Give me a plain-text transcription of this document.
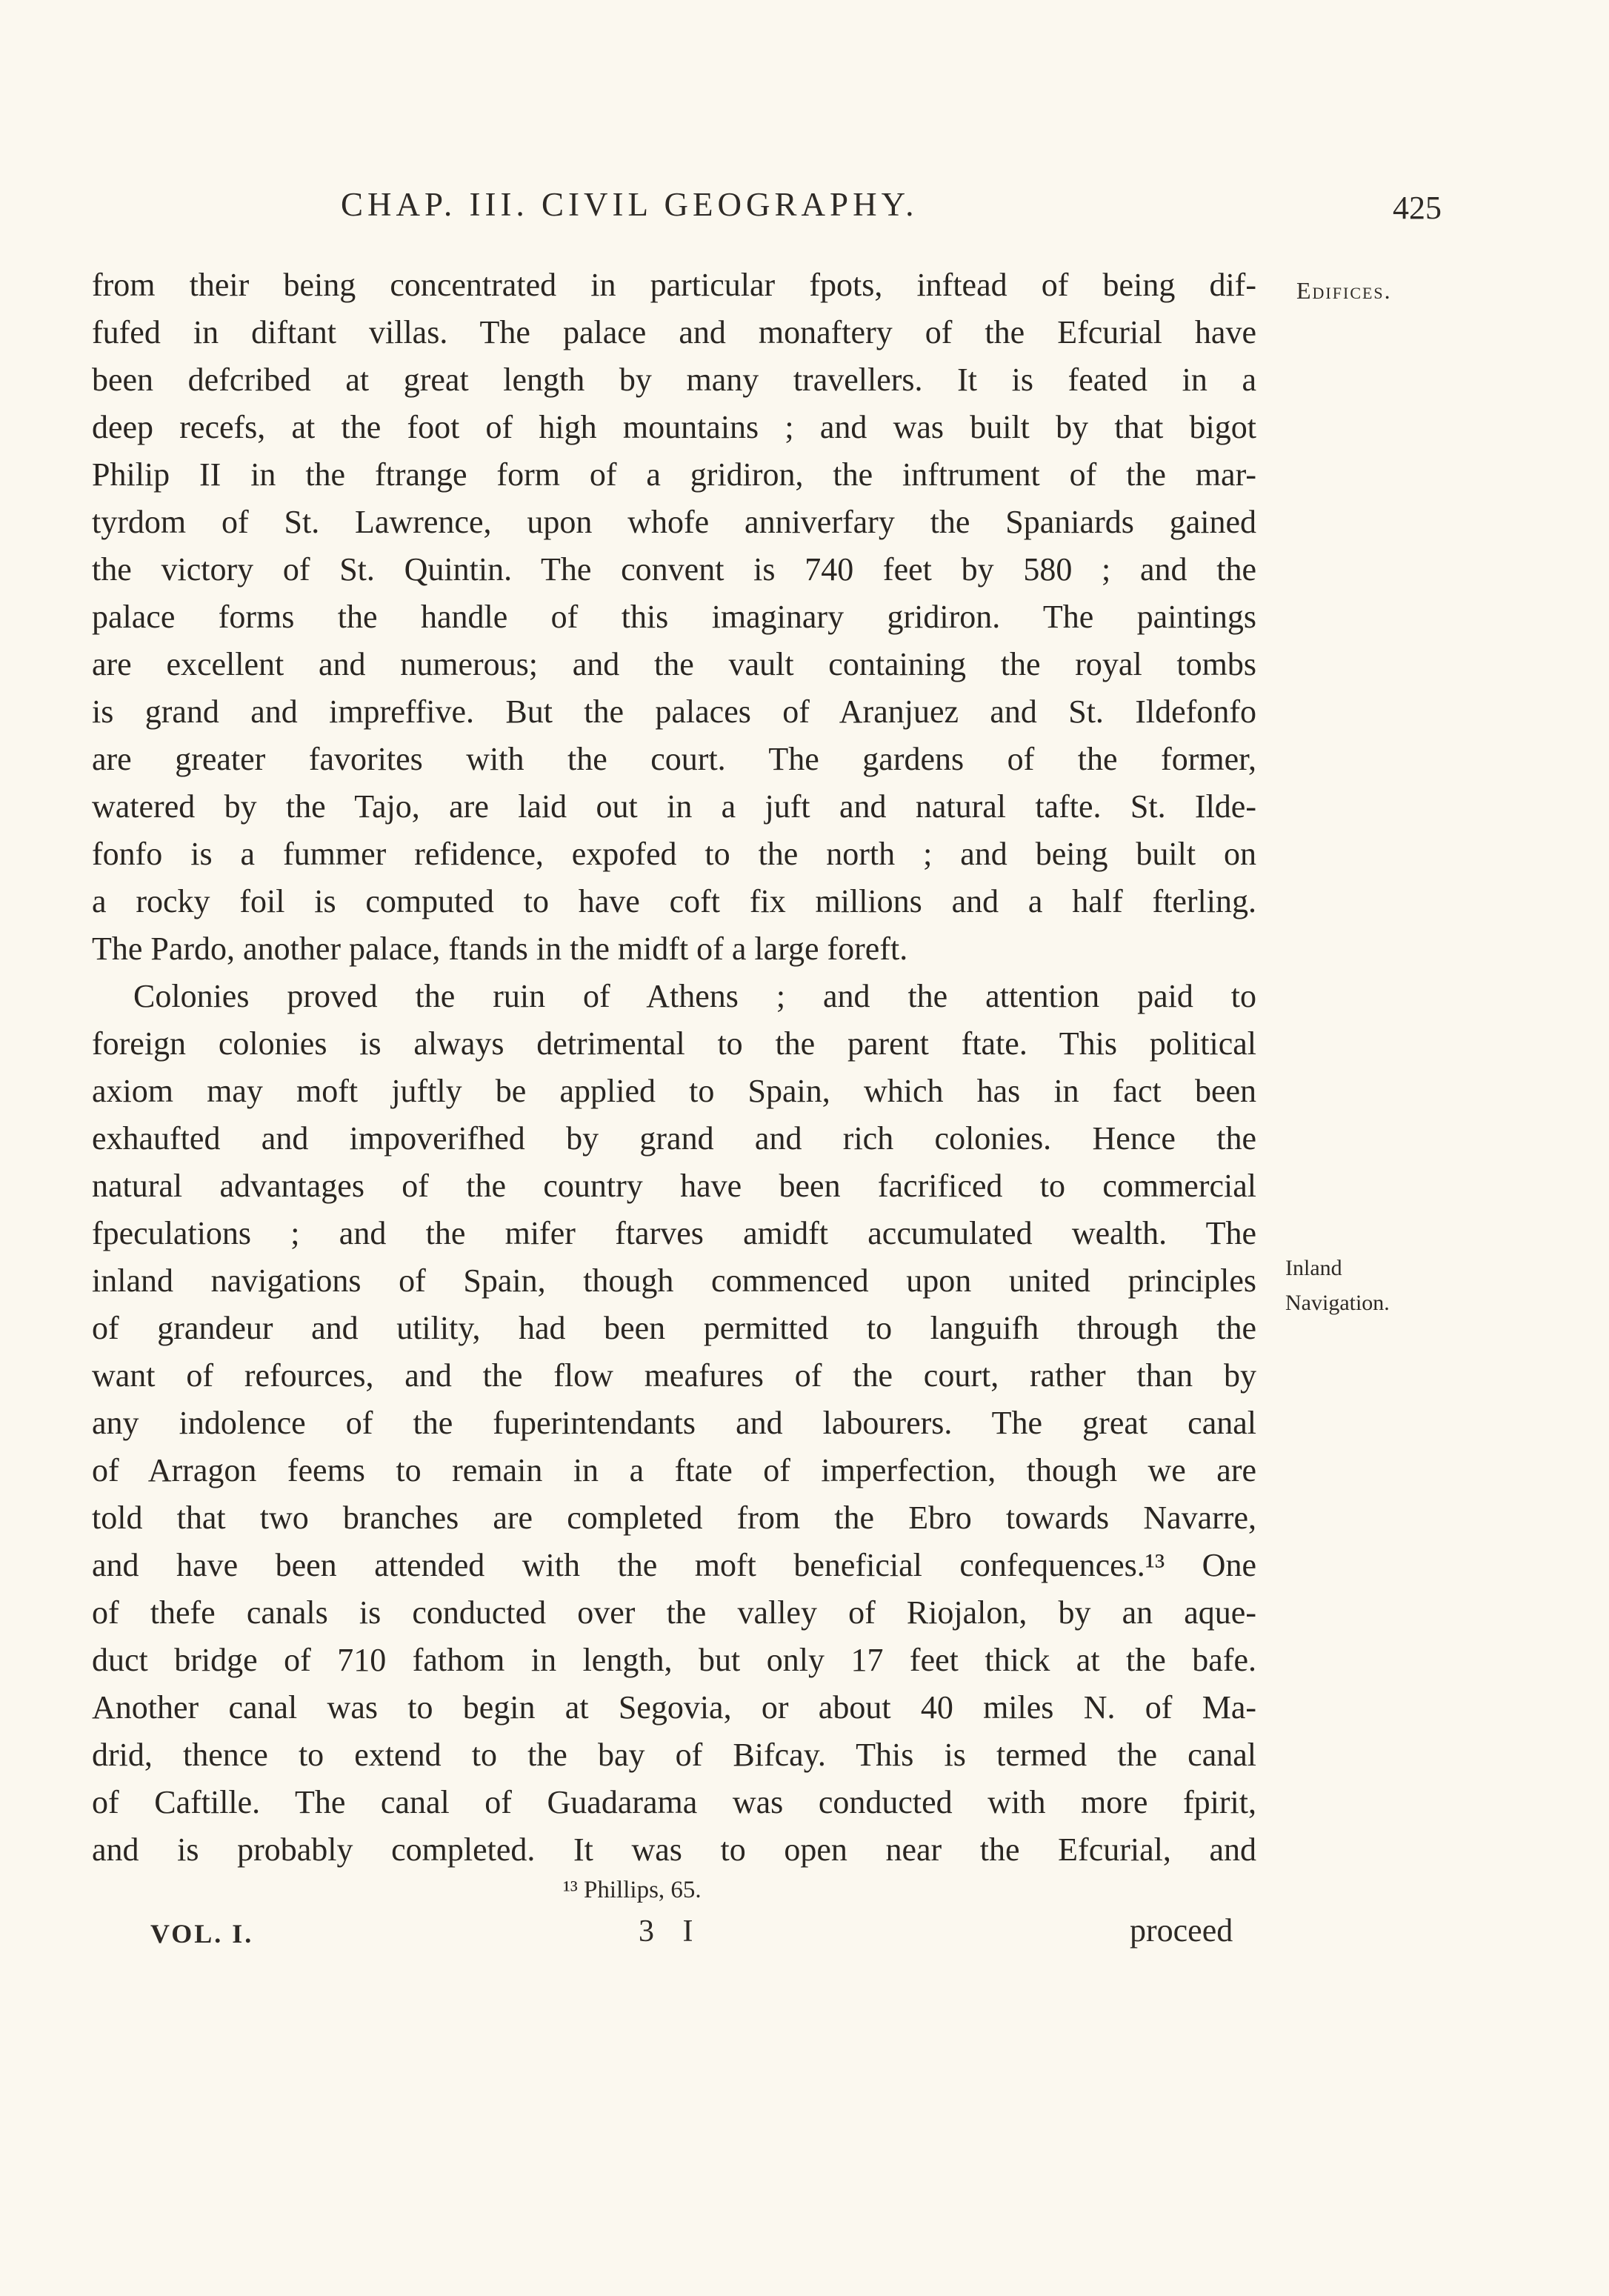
CHAP. III. CIVIL GEOGRAPHY.	425
Edifices.
Inland
Navigation.
from their being concentrated in particular fpots, inftead of being dif-
fufed in diftant villas. The palace and monaftery of the Efcurial have
been defcribed at great length by many travellers. It is feated in a
deep recefs, at the foot of high mountains ; and was built by that bigot
Philip II in the ftrange form of a gridiron, the inftrument of the mar-
tyrdom of St. Lawrence, upon whofe anniverfary the Spaniards gained
the victory of St. Quintin. The convent is 740 feet by 580 ; and the
palace forms the handle of this imaginary gridiron. The paintings
are excellent and numerous; and the vault containing the royal tombs
is grand and impreffive. But the palaces of Aranjuez and St. Ildefonfo
are greater favorites with the court. The gardens of the former,
watered by the Tajo, are laid out in a juft and natural tafte. St. Ilde-
fonfo is a fummer refidence, expofed to the north ; and being built on
a rocky foil is computed to have coft fix millions and a half fterling.
The Pardo, another palace, ftands in the midft of a large foreft.
Colonies proved the ruin of Athens ; and the attention paid to
foreign colonies is always detrimental to the parent ftate. This political
axiom may moft juftly be applied to Spain, which has in fact been
exhaufted and impoverifhed by grand and rich colonies. Hence the
natural advantages of the country have been facrificed to commercial
fpeculations ; and the mifer ftarves amidft accumulated wealth. The
inland navigations of Spain, though commenced upon united principles
of grandeur and utility, had been permitted to languifh through the
want of refources, and the flow meafures of the court, rather than by
any indolence of the fuperintendants and labourers. The great canal
of Arragon feems to remain in a ftate of imperfection, though we are
told that two branches are completed from the Ebro towards Navarre,
and have been attended with the moft beneficial confequences.¹³ One
of thefe canals is conducted over the valley of Riojalon, by an aque-
duct bridge of 710 fathom in length, but only 17 feet thick at the bafe.
Another canal was to begin at Segovia, or about 40 miles N. of Ma-
drid, thence to extend to the bay of Bifcay. This is termed the canal
of Caftille. The canal of Guadarama was conducted with more fpirit,
and is probably completed. It was to open near the Efcurial, and
¹³ Phillips, 65.
VOL. I.	3 I	proceed
